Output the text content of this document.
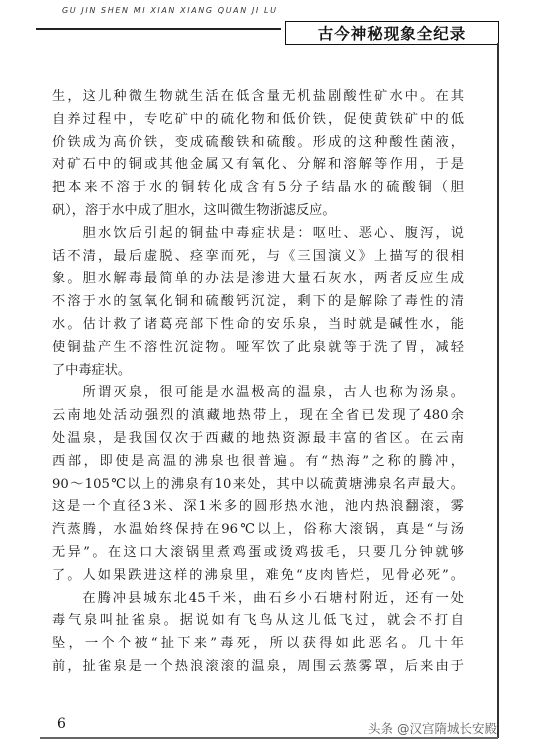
GU JIN SHEN MI XIAN XIANG QUAN JI LU
古今神秘现象全纪录
生，这儿种微生物就生活在低含量无机盐剧酸性矿水中。在其
自养过程中，专吃矿中的硫化物和低价铁，促使黄铁矿中的低
价铁成为高价铁，变成硫酸铁和硫酸。形成的这种酸性菌液，
对矿石中的铜或其他金属又有氧化、分解和溶解等作用，于是
把本来不溶于水的铜转化成含有5分子结晶水的硫酸铜（胆
矾），溶于水中成了胆水，这叫微生物浙滤反应。
　　胆水饮后引起的铜盐中毒症状是：呕吐、恶心、腹泻，说
话不清，最后虚脱、痉挛而死，与《三国演义》上描写的很相
象。胆水解毒最简单的办法是渗进大量石灰水，两者反应生成
不溶于水的氢氧化铜和硫酸钙沉淀，剩下的是解除了毒性的清
水。估计救了诸葛亮部下性命的安乐泉，当时就是碱性水，能
使铜盐产生不溶性沉淀物。哑军饮了此泉就等于洗了胃，减轻
了中毒症状。
　　所谓灭泉，很可能是水温极高的温泉，古人也称为汤泉。
云南地处活动强烈的滇藏地热带上，现在全省已发现了480余
处温泉，是我国仅次于西藏的地热资源最丰富的省区。在云南
西部，即使是高温的沸泉也很普遍。有“热海”之称的腾冲，
90～105℃以上的沸泉有10来处，其中以硫黄塘沸泉名声最大。
这是一个直径3米、深1米多的圆形热水池，池内热浪翻滚，雾
汽蒸腾，水温始终保持在96℃以上，俗称大滚锅，真是“与汤
无异”。在这口大滚锅里煮鸡蛋或烫鸡拔毛，只要几分钟就够
了。人如果跌进这样的沸泉里，难免“皮肉皆烂，见骨必死”。
　　在腾冲县城东北45千米，曲石乡小石塘村附近，还有一处
毒气泉叫扯雀泉。据说如有飞鸟从这儿低飞过，就会不打自
坠，一个个被“扯下来”毒死，所以获得如此恶名。几十年
前，扯雀泉是一个热浪滚滚的温泉，周围云蒸雾罩，后来由于
6	头条 @汉宫隋城长安殿
